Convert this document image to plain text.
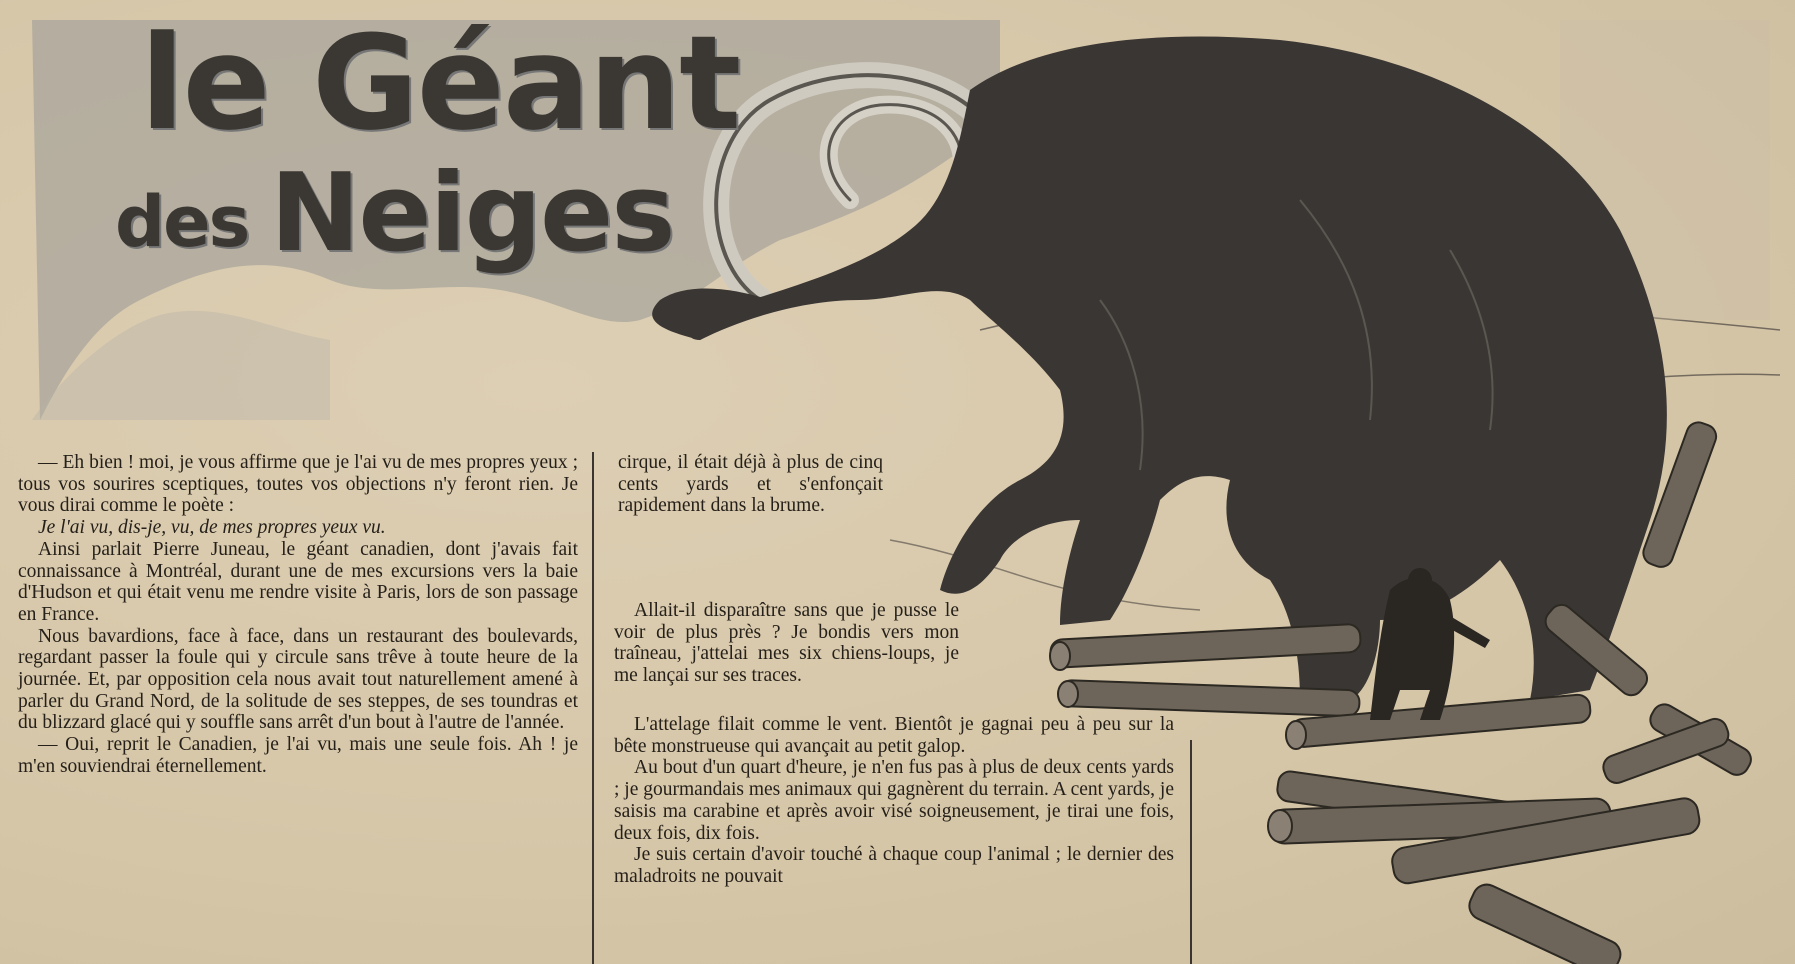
le Géant
des Neiges

— Eh bien ! moi, je vous affirme que je l'ai vu de mes propres yeux ; tous vos sourires sceptiques, toutes vos objections n'y feront rien. Je vous dirai comme le poète :

Je l'ai vu, dis-je, vu, de mes propres yeux vu.

Ainsi parlait Pierre Juneau, le géant canadien, dont j'avais fait connaissance à Montréal, durant une de mes excursions vers la baie d'Hudson et qui était venu me rendre visite à Paris, lors de son passage en France.

Nous bavardions, face à face, dans un restaurant des boulevards, regardant passer la foule qui y circule sans trêve à toute heure de la journée. Et, par opposition cela nous avait tout naturellement amené à parler du Grand Nord, de la solitude de ses steppes, de ses toundras et du blizzard glacé qui y souffle sans arrêt d'un bout à l'autre de l'année.

— Oui, reprit le Canadien, je l'ai vu, mais une seule fois. Ah ! je m'en souviendrai éternellement.

cirque, il était déjà à plus de cinq cents yards et s'enfonçait rapidement dans la brume.

Allait-il disparaître sans que je pusse le voir de plus près ? Je bondis vers mon traîneau, j'attelai mes six chiens-loups, je me lançai sur ses traces.

L'attelage filait comme le vent. Bientôt je gagnai peu à peu sur la bête monstrueuse qui avançait au petit galop.

Au bout d'un quart d'heure, je n'en fus pas à plus de deux cents yards ; je gourmandais mes animaux qui gagnèrent du terrain. A cent yards, je saisis ma carabine et après avoir visé soigneusement, je tirai une fois, deux fois, dix fois.

Je suis certain d'avoir touché à chaque coup l'animal ; le dernier des maladroits ne pouvait
